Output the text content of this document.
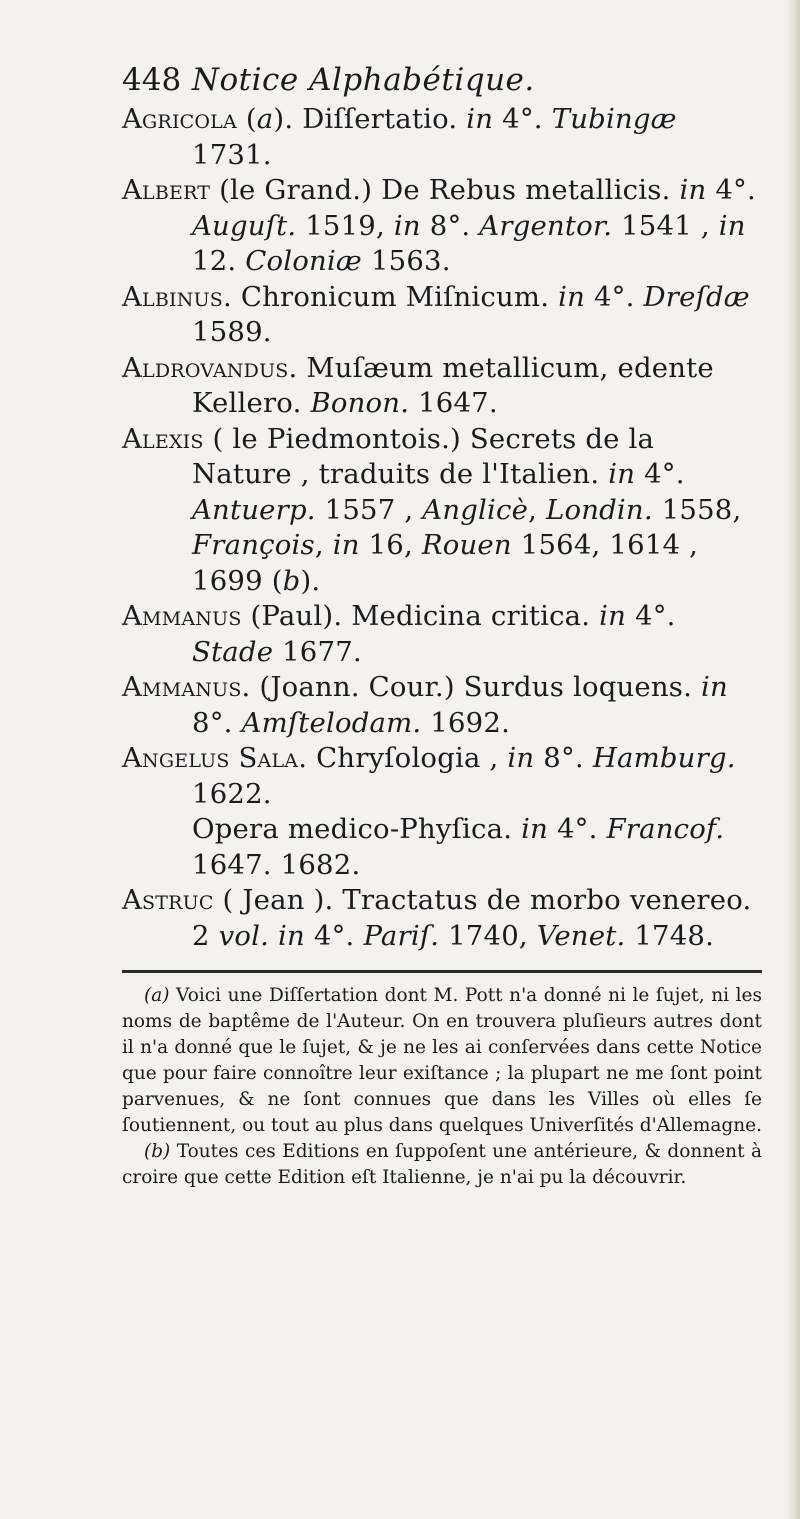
448 Notice Alphabétique.

Agricola (a). Diſſertatio. in 4°. Tubingæ 1731.

Albert (le Grand.) De Rebus metallicis. in 4°. Auguſt. 1519, in 8°. Argentor. 1541 , in 12. Coloniæ 1563.

Albinus. Chronicum Miſnicum. in 4°. Dreſdæ 1589.

Aldrovandus. Muſæum metallicum, edente Kellero. Bonon. 1647.

Alexis ( le Piedmontois.) Secrets de la Nature , traduits de l'Italien. in 4°. Antuerp. 1557 , Anglicè, Londin. 1558, François, in 16, Rouen 1564, 1614 , 1699 (b).

Ammanus (Paul). Medicina critica. in 4°. Stade 1677.

Ammanus. (Joann. Cour.) Surdus loquens. in 8°. Amſtelodam. 1692.

Angelus Sala. Chryſologia , in 8°. Hamburg. 1622.

Opera medico-Phyſica. in 4°. Francof. 1647. 1682.

Astruc ( Jean ). Tractatus de morbo venereo. 2 vol. in 4°. Pariſ. 1740, Venet. 1748.

(a) Voici une Diſſertation dont M. Pott n'a donné ni le ſujet, ni les noms de baptême de l'Auteur. On en trouvera pluſieurs autres dont il n'a donné que le ſujet, & je ne les ai conſervées dans cette Notice que pour faire connoître leur exiſtance ; la plupart ne me ſont point parvenues, & ne ſont connues que dans les Villes où elles ſe ſoutiennent, ou tout au plus dans quelques Univerſités d'Allemagne.

(b) Toutes ces Editions en ſuppoſent une antérieure, & donnent à croire que cette Edition eſt Italienne, je n'ai pu la découvrir.
